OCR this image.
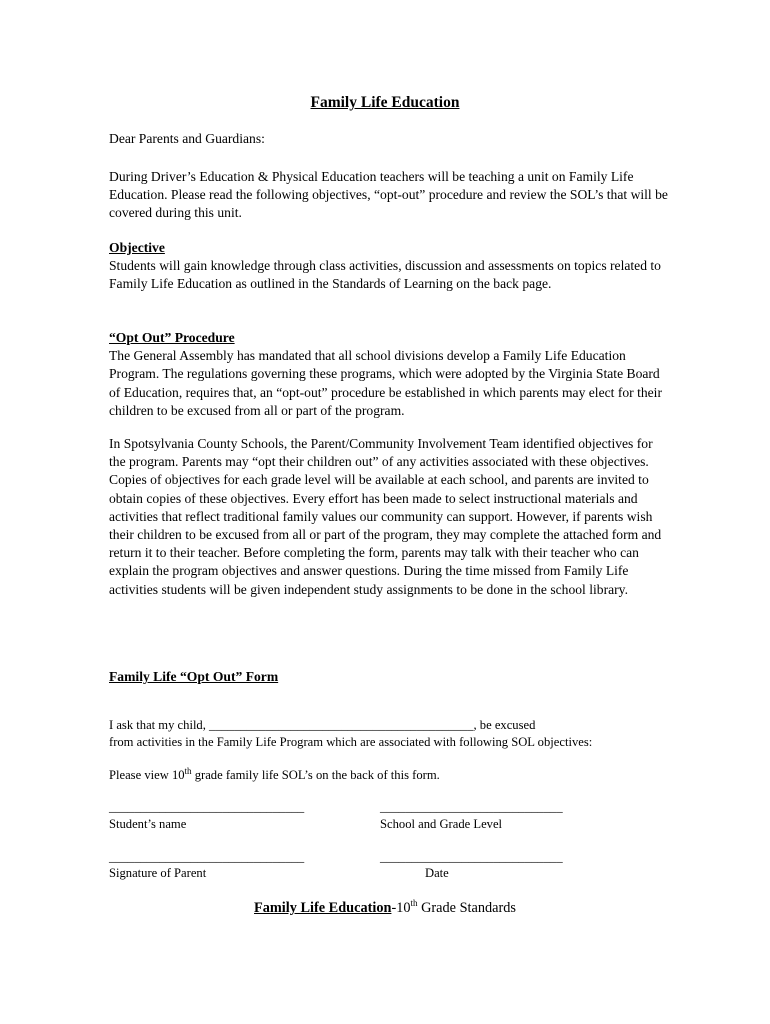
Family Life Education

Dear Parents and Guardians:

During Driver’s Education & Physical Education teachers will be teaching a unit on Family Life Education. Please read the following objectives, “opt-out” procedure and review the SOL’s that will be covered during this unit.

Objective

Students will gain knowledge through class activities, discussion and assessments on topics related to Family Life Education as outlined in the Standards of Learning on the back page.

“Opt Out” Procedure

The General Assembly has mandated that all school divisions develop a Family Life Education Program. The regulations governing these programs, which were adopted by the Virginia State Board of Education, requires that, an “opt-out” procedure be established in which parents may elect for their children to be excused from all or part of the program.

In Spotsylvania County Schools, the Parent/Community Involvement Team identified objectives for the program. Parents may “opt their children out” of any activities associated with these objectives. Copies of objectives for each grade level will be available at each school, and parents are invited to obtain copies of these objectives. Every effort has been made to select instructional materials and activities that reflect traditional family values our community can support. However, if parents wish their children to be excused from all or part of the program, they may complete the attached form and return it to their teacher. Before completing the form, parents may talk with their teacher who can explain the program objectives and answer questions. During the time missed from Family Life activities students will be given independent study assignments to be done in the school library.

Family Life “Opt Out” Form

I ask that my child, __________________________________________, be excused

from activities in the Family Life Program which are associated with following SOL objectives:

Please view 10th grade family life SOL’s on the back of this form.

_______________________________	_____________________________
Student’s name	School and Grade Level
_______________________________	_____________________________
Signature of Parent	Date
Family Life Education-10th Grade Standards
